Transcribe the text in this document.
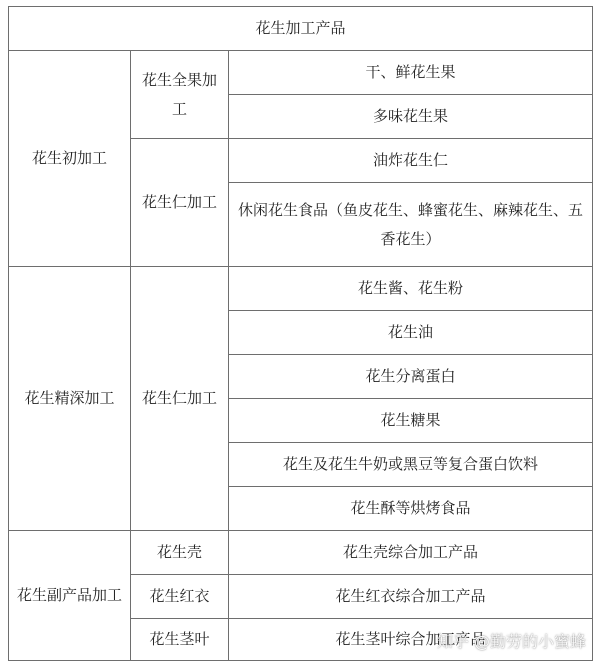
花生加工产品		
花生初加工	花生全果加工	干、鲜花生果
		多味花生果
	花生仁加工	油炸花生仁
		休闲花生食品（鱼皮花生、蜂蜜花生、麻辣花生、五香花生）
花生精深加工	花生仁加工	花生酱、花生粉
		花生油
		花生分离蛋白
		花生糖果
		花生及花生牛奶或黑豆等复合蛋白饮料
		花生酥等烘烤食品
花生副产品加工	花生壳	花生壳综合加工产品
	花生红衣	花生红衣综合加工产品
	花生茎叶	花生茎叶综合加工产品
知乎 @勤劳的小蜜蜂
